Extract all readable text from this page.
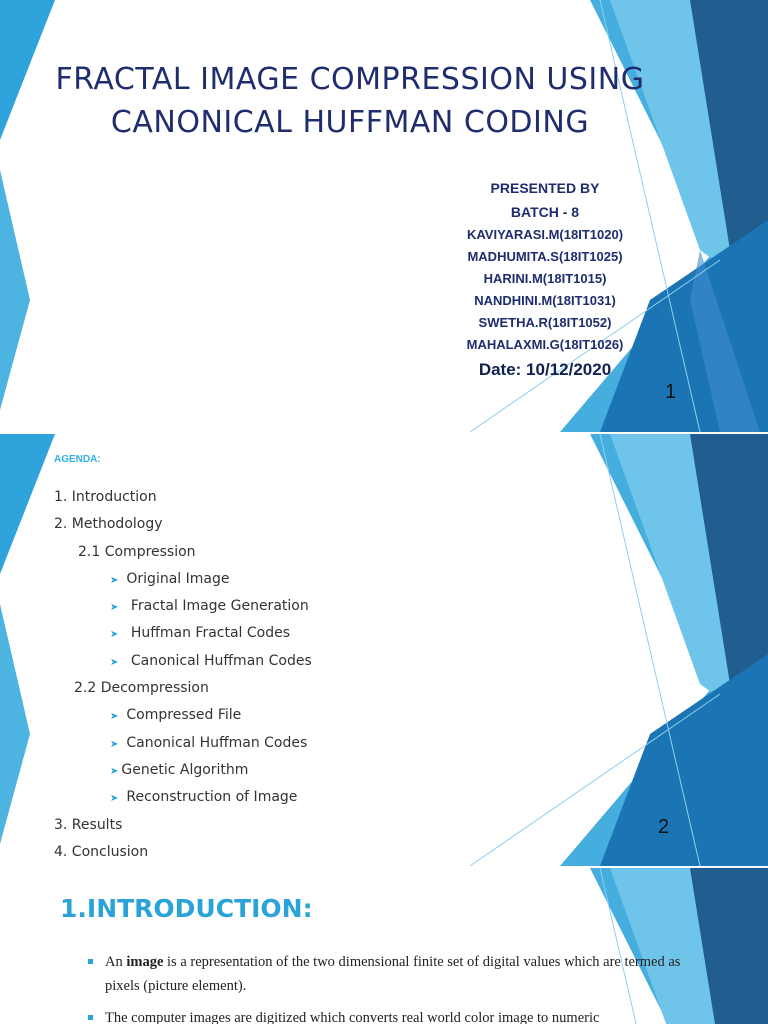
FRACTAL IMAGE COMPRESSION USING
CANONICAL HUFFMAN CODING
PRESENTED BY
BATCH - 8
KAVIYARASI.M(18IT1020)
MADHUMITA.S(18IT1025)
HARINI.M(18IT1015)
NANDHINI.M(18IT1031)
SWETHA.R(18IT1052)
MAHALAXMI.G(18IT1026)
Date: 10/12/2020
1
AGENDA:
1. Introduction
2. Methodology
2.1 Compression
➤ Original Image
➤ Fractal Image Generation
➤ Huffman Fractal Codes
➤ Canonical Huffman Codes
2.2 Decompression
➤ Compressed File
➤ Canonical Huffman Codes
➤ Genetic Algorithm
➤ Reconstruction of Image
3. Results
4. Conclusion
2
1.INTRODUCTION:
An image is a representation of the two dimensional finite set of digital values which are termed as pixels (picture element).
The computer images are digitized which converts real world color image to numeric
